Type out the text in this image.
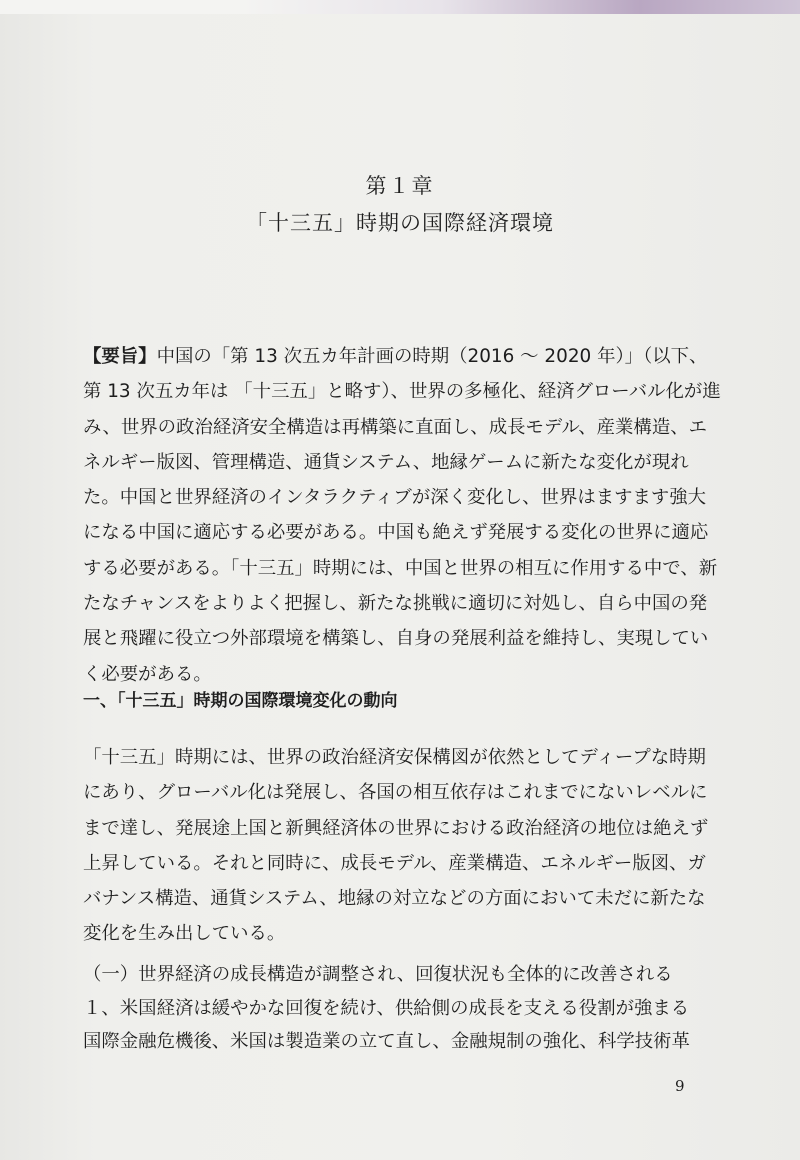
第１章
「十三五」時期の国際経済環境
【要旨】中国の「第 13 次五カ年計画の時期（2016 ～ 2020 年）」（以下、第 13 次五カ年は 「十三五」と略す）、世界の多極化、経済グローバル化が進み、世界の政治経済安全構造は再構築に直面し、成長モデル、産業構造、エネルギー版図、管理構造、通貨システム、地縁ゲームに新たな変化が現れた。中国と世界経済のインタラクティブが深く変化し、世界はますます強大になる中国に適応する必要がある。中国も絶えず発展する変化の世界に適応する必要がある。「十三五」時期には、中国と世界の相互に作用する中で、新たなチャンスをよりよく把握し、新たな挑戦に適切に対処し、自ら中国の発展と飛躍に役立つ外部環境を構築し、自身の発展利益を維持し、実現していく必要がある。
一、「十三五」時期の国際環境変化の動向
「十三五」時期には、世界の政治経済安保構図が依然としてディープな時期にあり、グローバル化は発展し、各国の相互依存はこれまでにないレベルにまで達し、発展途上国と新興経済体の世界における政治経済の地位は絶えず上昇している。それと同時に、成長モデル、産業構造、エネルギー版図、ガバナンス構造、通貨システム、地縁の対立などの方面において未だに新たな変化を生み出している。
（一）世界経済の成長構造が調整され、回復状況も全体的に改善される
１、米国経済は緩やかな回復を続け、供給側の成長を支える役割が強まる
国際金融危機後、米国は製造業の立て直し、金融規制の強化、科学技術革
9
